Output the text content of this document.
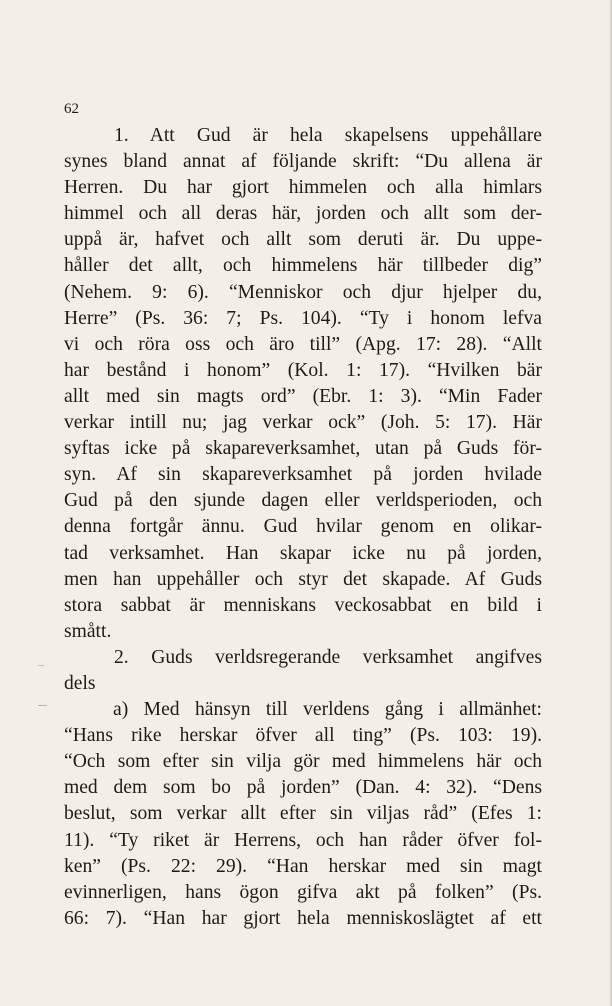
62
1. Att Gud är hela skapelsens uppehållare
synes bland annat af följande skrift: “Du allena är
Herren. Du har gjort himmelen och alla himlars
himmel och all deras här, jorden och allt som der-
uppå är, hafvet och allt som deruti är. Du uppe-
håller det allt, och himmelens här tillbeder dig”
(Nehem. 9: 6). “Menniskor och djur hjelper du,
Herre” (Ps. 36: 7; Ps. 104). “Ty i honom lefva
vi och röra oss och äro till” (Apg. 17: 28). “Allt
har bestånd i honom” (Kol. 1: 17). “Hvilken bär
allt med sin magts ord” (Ebr. 1: 3). “Min Fader
verkar intill nu; jag verkar ock” (Joh. 5: 17). Här
syftas icke på skapareverksamhet, utan på Guds för-
syn. Af sin skapareverksamhet på jorden hvilade
Gud på den sjunde dagen eller verldsperioden, och
denna fortgår ännu. Gud hvilar genom en olikar-
tad verksamhet. Han skapar icke nu på jorden,
men han uppehåller och styr det skapade. Af Guds
stora sabbat är menniskans veckosabbat en bild i
smått.
2. Guds verldsregerande verksamhet angifves
dels
a) Med hänsyn till verldens gång i allmänhet:
“Hans rike herskar öfver all ting” (Ps. 103: 19).
“Och som efter sin vilja gör med himmelens här och
med dem som bo på jorden” (Dan. 4: 32). “Dens
beslut, som verkar allt efter sin viljas råd” (Efes 1:
11). “Ty riket är Herrens, och han råder öfver fol-
ken” (Ps. 22: 29). “Han herskar med sin magt
evinnerligen, hans ögon gifva akt på folken” (Ps.
66: 7). “Han har gjort hela menniskoslägtet af ett
